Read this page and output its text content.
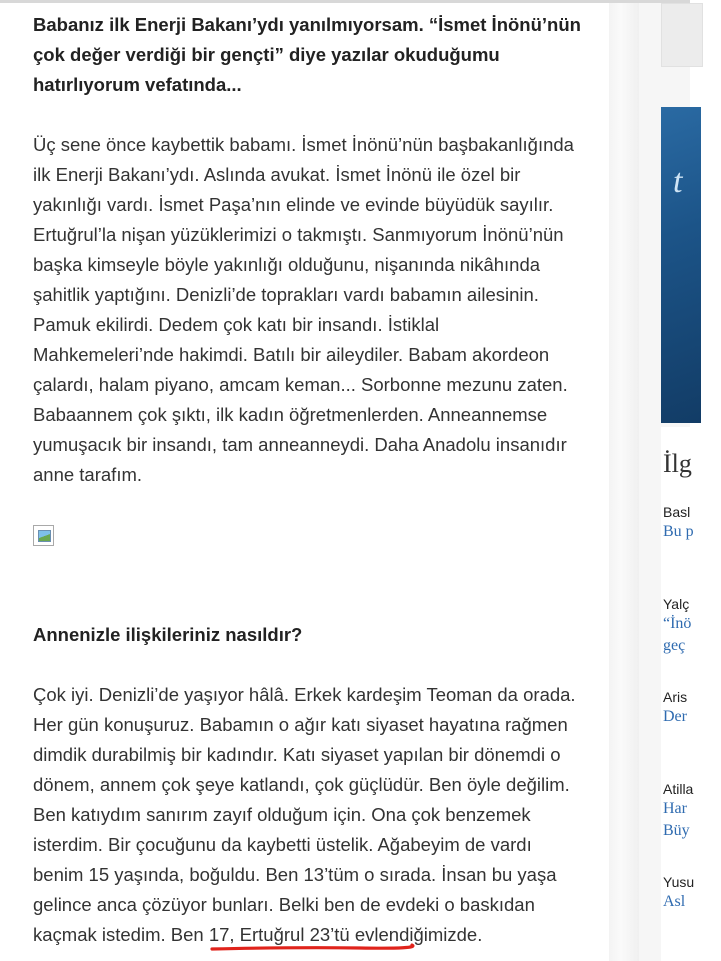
Babanız ilk Enerji Bakanı’ydı yanılmıyorsam. “İsmet İnönü’nün
çok değer verdiği bir gençti” diye yazılar okuduğumu
hatırlıyorum vefatında...
Üç sene önce kaybettik babamı. İsmet İnönü’nün başbakanlığında
ilk Enerji Bakanı’ydı. Aslında avukat. İsmet İnönü ile özel bir
yakınlığı vardı. İsmet Paşa’nın elinde ve evinde büyüdük sayılır.
Ertuğrul’la nişan yüzüklerimizi o takmıştı. Sanmıyorum İnönü’nün
başka kimseyle böyle yakınlığı olduğunu, nişanında nikâhında
şahitlik yaptığını. Denizli’de toprakları vardı babamın ailesinin.
Pamuk ekilirdi. Dedem çok katı bir insandı. İstiklal
Mahkemeleri’nde hakimdi. Batılı bir aileydiler. Babam akordeon
çalardı, halam piyano, amcam keman... Sorbonne mezunu zaten.
Babaannem çok şıktı, ilk kadın öğretmenlerden. Anneannemse
yumuşacık bir insandı, tam anneanneydi. Daha Anadolu insanıdır
anne tarafım.
Annenizle ilişkileriniz nasıldır?
Çok iyi. Denizli’de yaşıyor hâlâ. Erkek kardeşim Teoman da orada.
Her gün konuşuruz. Babamın o ağır katı siyaset hayatına rağmen
dimdik durabilmiş bir kadındır. Katı siyaset yapılan bir dönemdi o
dönem, annem çok şeye katlandı, çok güçlüdür. Ben öyle değilim.
Ben katıydım sanırım zayıf olduğum için. Ona çok benzemek
isterdim. Bir çocuğunu da kaybetti üstelik. Ağabeyim de vardı
benim 15 yaşında, boğuldu. Ben 13’tüm o sırada. İnsan bu yaşa
gelince anca çözüyor bunları. Belki ben de evdeki o baskıdan
kaçmak istedim. Ben 17, Ertuğrul 23’tü evlendiğimizde.
t
İlg
Basl
Bu p
Yalç
“İnö
geç
Aris
Der
Atilla
Har
Büy
Yusu
Asl
